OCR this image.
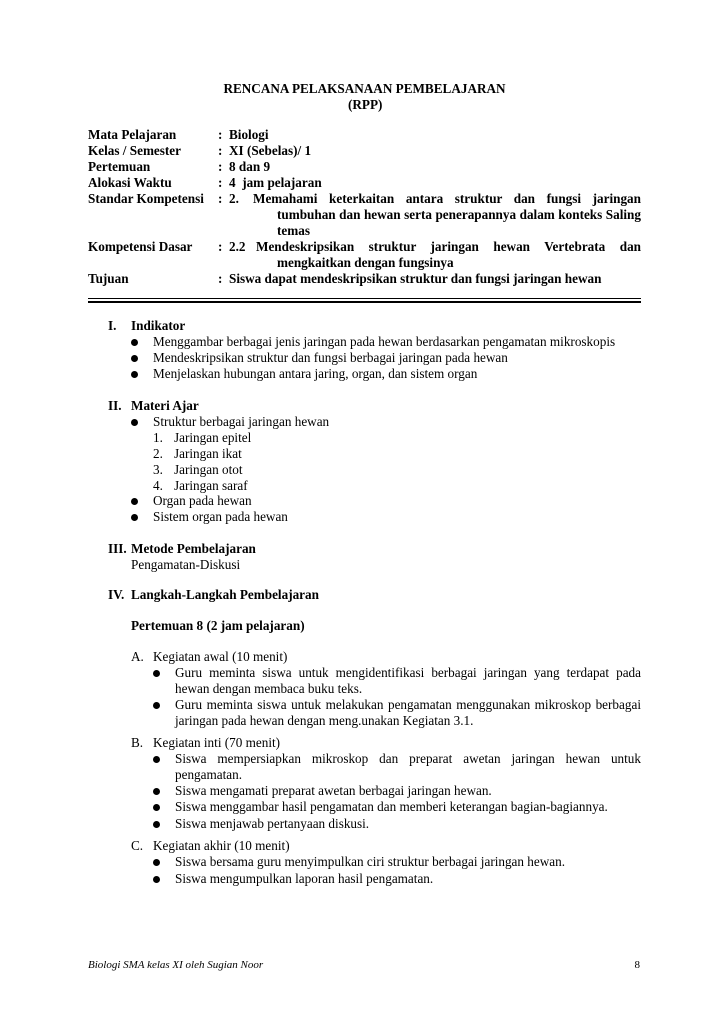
RENCANA PELAKSANAAN PEMBELAJARAN
(RPP)
Mata Pelajaran	: Biologi
Kelas / Semester	: XI (Sebelas)/ 1
Pertemuan	: 8 dan 9
Alokasi Waktu	: 4  jam pelajaran
Standar Kompetensi : 2. Memahami keterkaitan antara struktur dan fungsi jaringan
tumbuhan dan hewan serta penerapannya dalam konteks Saling
temas
Kompetensi Dasar : 2.2 Mendeskripsikan struktur jaringan hewan Vertebrata dan
mengkaitkan dengan fungsinya
Tujuan	: Siswa dapat mendeskripsikan struktur dan fungsi jaringan hewan
I. Indikator
Menggambar berbagai jenis jaringan pada hewan berdasarkan pengamatan mikroskopis
Mendeskripsikan struktur dan fungsi berbagai jaringan pada hewan
Menjelaskan hubungan antara jaring, organ, dan sistem organ
II. Materi Ajar
Struktur berbagai jaringan hewan
1. Jaringan epitel
2. Jaringan ikat
3. Jaringan otot
4. Jaringan saraf
Organ pada hewan
Sistem organ pada hewan
III. Metode Pembelajaran
Pengamatan-Diskusi
IV. Langkah-Langkah Pembelajaran
Pertemuan 8 (2 jam pelajaran)
A. Kegiatan awal (10 menit)
Guru meminta siswa untuk mengidentifikasi berbagai jaringan yang terdapat pada
hewan dengan membaca buku teks.
Guru meminta siswa untuk melakukan pengamatan menggunakan mikroskop berbagai
jaringan pada hewan dengan meng.unakan Kegiatan 3.1.
B. Kegiatan inti (70 menit)
Siswa mempersiapkan mikroskop dan preparat awetan jaringan hewan untuk
pengamatan.
Siswa mengamati preparat awetan berbagai jaringan hewan.
Siswa menggambar hasil pengamatan dan memberi keterangan bagian-bagiannya.
Siswa menjawab pertanyaan diskusi.
C. Kegiatan akhir (10 menit)
Siswa bersama guru menyimpulkan ciri struktur berbagai jaringan hewan.
Siswa mengumpulkan laporan hasil pengamatan.
Biologi SMA kelas XI oleh Sugian Noor	8
